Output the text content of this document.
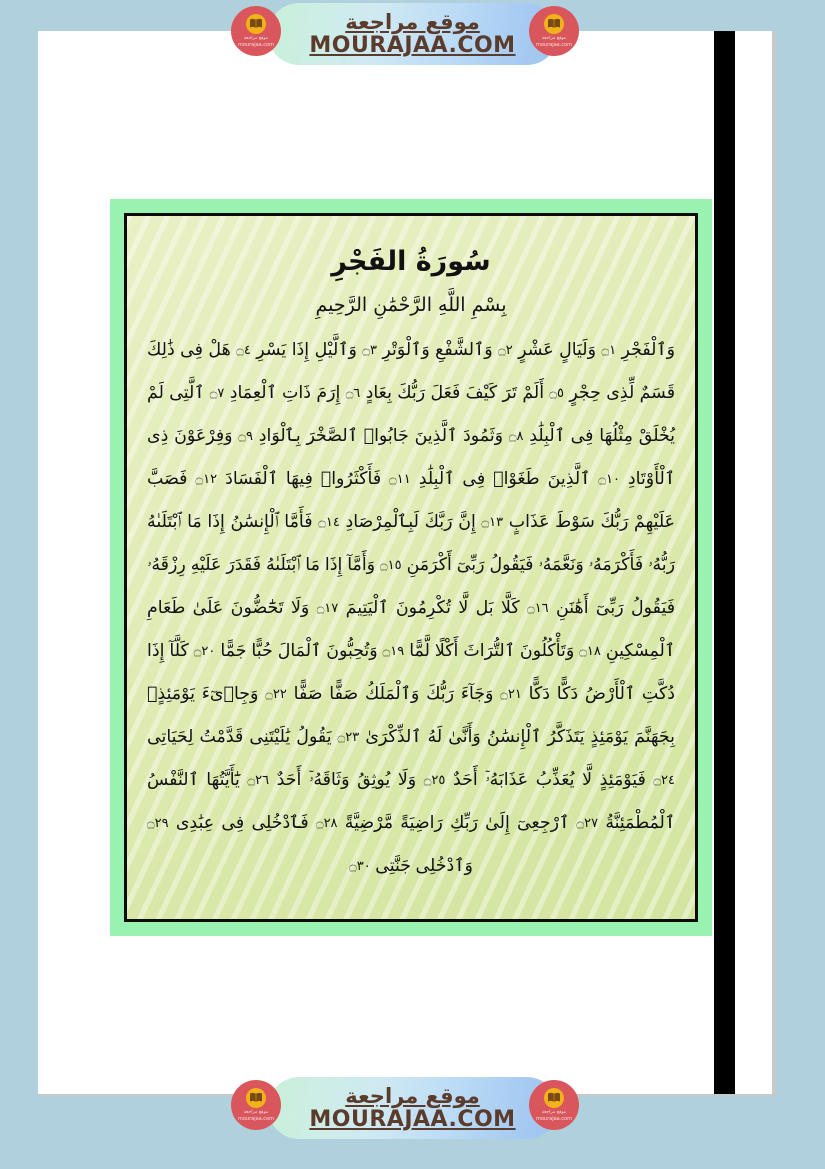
موقع مراجعة
mourajaa.com
موقع مراجعة
MOURAJAA.COM	موقع مراجعة
mourajaa.com
سُورَةُ الفَجْرِ
بِسْمِ اللَّهِ الرَّحْمَٰنِ الرَّحِيمِ
وَٱلْفَجْرِ ۝١ وَلَيَالٍ عَشْرٍ ۝٢ وَٱلشَّفْعِ وَٱلْوَتْرِ ۝٣ وَٱلَّيْلِ إِذَا يَسْرِ ۝٤ هَلْ فِى ذَٰلِكَ قَسَمٌ لِّذِى حِجْرٍ ۝٥ أَلَمْ تَرَ كَيْفَ فَعَلَ رَبُّكَ بِعَادٍ ۝٦ إِرَمَ ذَاتِ ٱلْعِمَادِ ۝٧ ٱلَّتِى لَمْ يُخْلَقْ مِثْلُهَا فِى ٱلْبِلَٰدِ ۝٨ وَثَمُودَ ٱلَّذِينَ جَابُوا۟ ٱلصَّخْرَ بِٱلْوَادِ ۝٩ وَفِرْعَوْنَ ذِى ٱلْأَوْتَادِ ۝١٠ ٱلَّذِينَ طَغَوْا۟ فِى ٱلْبِلَٰدِ ۝١١ فَأَكْثَرُوا۟ فِيهَا ٱلْفَسَادَ ۝١٢ فَصَبَّ عَلَيْهِمْ رَبُّكَ سَوْطَ عَذَابٍ ۝١٣ إِنَّ رَبَّكَ لَبِٱلْمِرْصَادِ ۝١٤ فَأَمَّا ٱلْإِنسَٰنُ إِذَا مَا ٱبْتَلَىٰهُ رَبُّهُۥ فَأَكْرَمَهُۥ وَنَعَّمَهُۥ فَيَقُولُ رَبِّىٓ أَكْرَمَنِ ۝١٥ وَأَمَّآ إِذَا مَا ٱبْتَلَىٰهُ فَقَدَرَ عَلَيْهِ رِزْقَهُۥ فَيَقُولُ رَبِّىٓ أَهَٰنَنِ ۝١٦ كَلَّا بَل لَّا تُكْرِمُونَ ٱلْيَتِيمَ ۝١٧ وَلَا تَحَٰٓضُّونَ عَلَىٰ طَعَامِ ٱلْمِسْكِينِ ۝١٨ وَتَأْكُلُونَ ٱلتُّرَاثَ أَكْلًا لَّمًّا ۝١٩ وَتُحِبُّونَ ٱلْمَالَ حُبًّا جَمًّا ۝٢٠ كَلَّآ إِذَا دُكَّتِ ٱلْأَرْضُ دَكًّا دَكًّا ۝٢١ وَجَآءَ رَبُّكَ وَٱلْمَلَكُ صَفًّا صَفًّا ۝٢٢ وَجِا۟ىٓءَ يَوْمَئِذٍۭ بِجَهَنَّمَ يَوْمَئِذٍ يَتَذَكَّرُ ٱلْإِنسَٰنُ وَأَنَّىٰ لَهُ ٱلذِّكْرَىٰ ۝٢٣ يَقُولُ يَٰلَيْتَنِى قَدَّمْتُ لِحَيَاتِى ۝٢٤ فَيَوْمَئِذٍ لَّا يُعَذِّبُ عَذَابَهُۥٓ أَحَدٌ ۝٢٥ وَلَا يُوثِقُ وَثَاقَهُۥٓ أَحَدٌ ۝٢٦ يَٰٓأَيَّتُهَا ٱلنَّفْسُ ٱلْمُطْمَئِنَّةُ ۝٢٧ ٱرْجِعِىٓ إِلَىٰ رَبِّكِ رَاضِيَةً مَّرْضِيَّةً ۝٢٨ فَٱدْخُلِى فِى عِبَٰدِى ۝٢٩ وَٱدْخُلِى جَنَّتِى ۝٣٠
موقع مراجعة
mourajaa.com
موقع مراجعة
MOURAJAA.COM	موقع مراجعة
mourajaa.com
